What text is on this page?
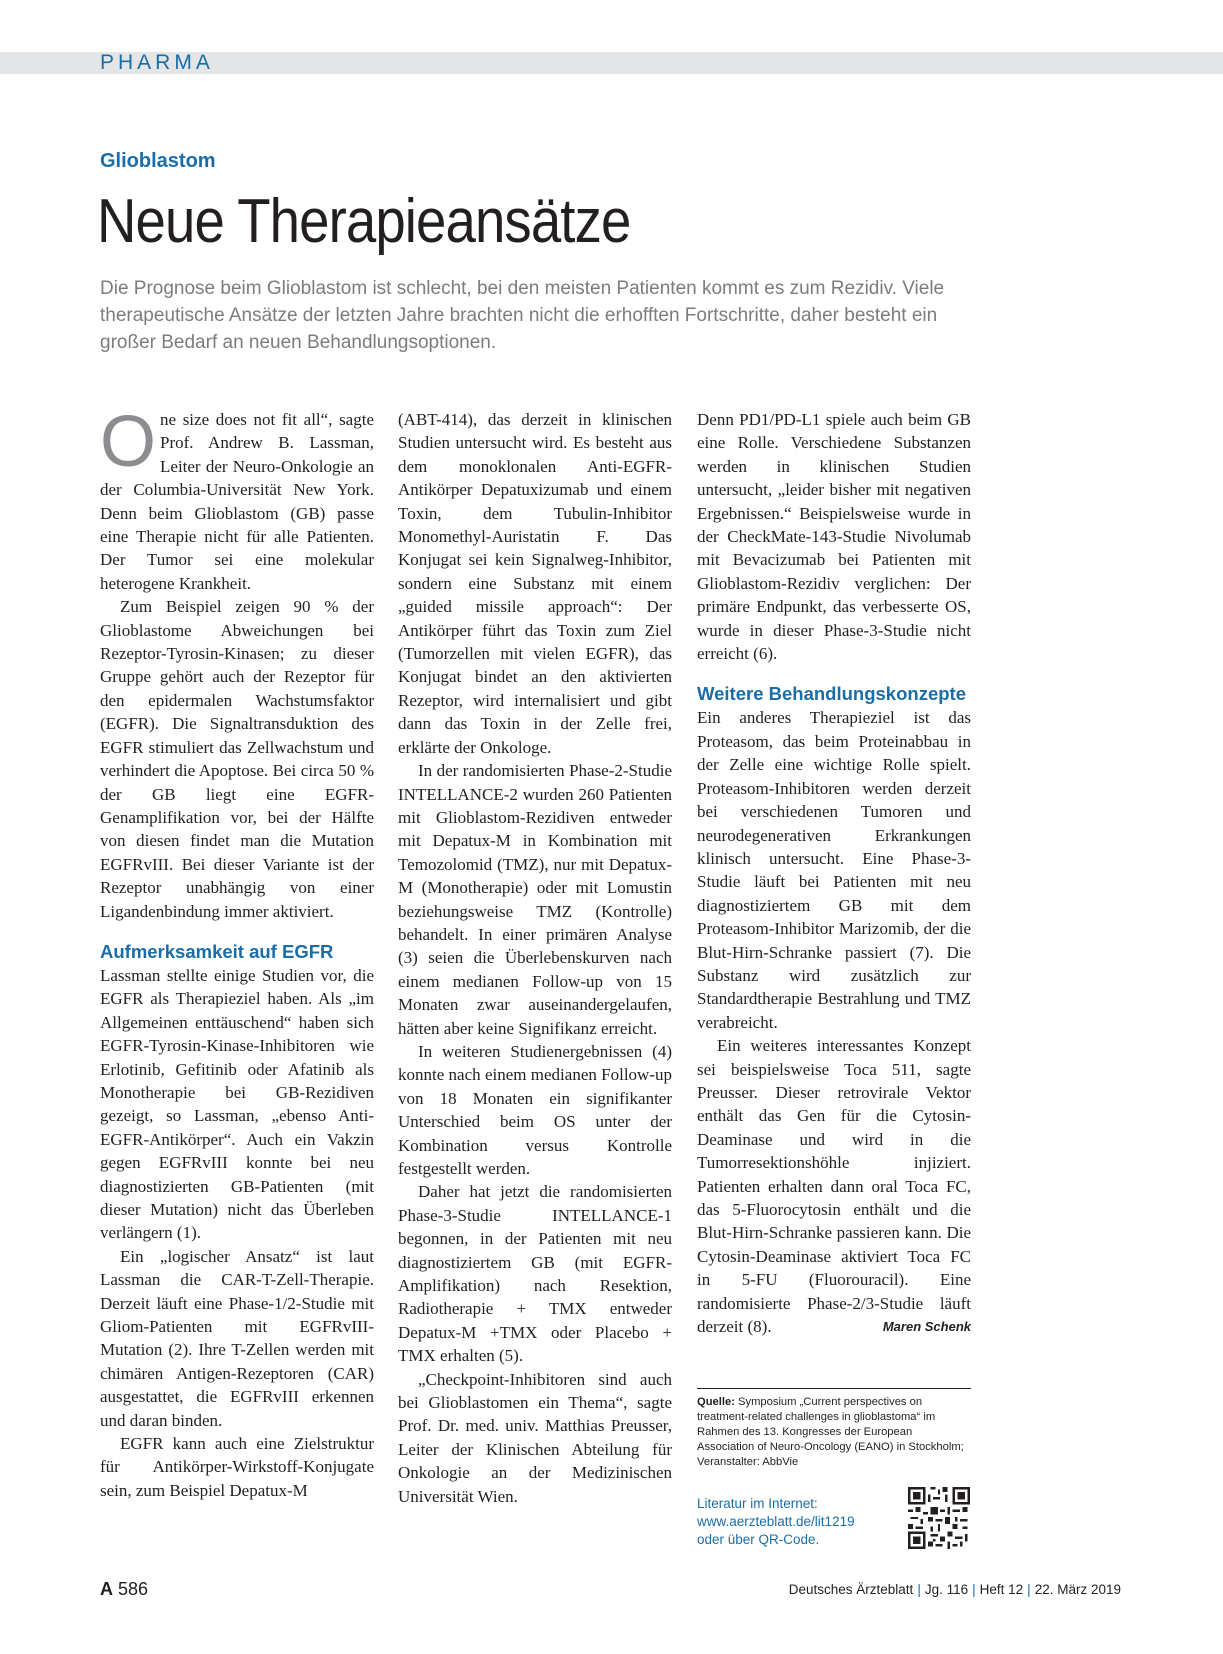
PHARMA
Glioblastom
Neue Therapieansätze

Die Prognose beim Glioblastom ist schlecht, bei den meisten Patienten kommt es zum Rezidiv. Viele therapeutische Ansätze der letzten Jahre brachten nicht die erhofften Fortschritte, daher besteht ein großer Bedarf an neuen Behandlungsoptionen.

One size does not fit all“, sagte Prof. Andrew B. Lassman, Leiter der Neuro-Onkologie an der Columbia-Universität New York. Denn beim Glioblastom (GB) passe eine Therapie nicht für alle Patienten. Der Tumor sei eine molekular heterogene Krankheit.

Zum Beispiel zeigen 90 % der Glioblastome Abweichungen bei Rezeptor-Tyrosin-Kinasen; zu dieser Gruppe gehört auch der Rezeptor für den epidermalen Wachstumsfaktor (EGFR). Die Signaltransduktion des EGFR stimuliert das Zellwachstum und verhindert die Apoptose. Bei circa 50 % der GB liegt eine EGFR-Genamplifikation vor, bei der Hälfte von diesen findet man die Mutation EGFRvIII. Bei dieser Variante ist der Rezeptor unabhängig von einer Ligandenbindung immer aktiviert.

Aufmerksamkeit auf EGFR

Lassman stellte einige Studien vor, die EGFR als Therapieziel haben. Als „im Allgemeinen enttäuschend“ haben sich EGFR-Tyrosin-Kinase-Inhibitoren wie Erlotinib, Gefitinib oder Afatinib als Monotherapie bei GB-Rezidiven gezeigt, so Lassman, „ebenso Anti-EGFR-Antikörper“. Auch ein Vakzin gegen EGFRvIII konnte bei neu diagnostizierten GB-Patienten (mit dieser Mutation) nicht das Überleben verlängern (1).

Ein „logischer Ansatz“ ist laut Lassman die CAR-T-Zell-Therapie. Derzeit läuft eine Phase-1/2-Studie mit Gliom-Patienten mit EGFRvIII-Mutation (2). Ihre T-Zellen werden mit chimären Antigen-Rezeptoren (CAR) ausgestattet, die EGFRvIII erkennen und daran binden.

EGFR kann auch eine Zielstruktur für Antikörper-Wirkstoff-Konjugate sein, zum Beispiel Depatux-M

(ABT-414), das derzeit in klinischen Studien untersucht wird. Es besteht aus dem monoklonalen Anti-EGFR-Antikörper Depatuxizumab und einem Toxin, dem Tubulin-Inhibitor Monomethyl-Auristatin F. Das Konjugat sei kein Signalweg-Inhibitor, sondern eine Substanz mit einem „guided missile approach“: Der Antikörper führt das Toxin zum Ziel (Tumorzellen mit vielen EGFR), das Konjugat bindet an den aktivierten Rezeptor, wird internalisiert und gibt dann das Toxin in der Zelle frei, erklärte der Onkologe.

In der randomisierten Phase-2-Studie INTELLANCE-2 wurden 260 Patienten mit Glioblastom-Rezidiven entweder mit Depatux-M in Kombination mit Temozolomid (TMZ), nur mit Depatux-M (Monotherapie) oder mit Lomustin beziehungsweise TMZ (Kontrolle) behandelt. In einer primären Analyse (3) seien die Überlebenskurven nach einem medianen Follow-up von 15 Monaten zwar auseinandergelaufen, hätten aber keine Signifikanz erreicht.

In weiteren Studienergebnissen (4) konnte nach einem medianen Follow-up von 18 Monaten ein signifikanter Unterschied beim OS unter der Kombination versus Kontrolle festgestellt werden.

Daher hat jetzt die randomisierten Phase-3-Studie INTELLANCE-1 begonnen, in der Patienten mit neu diagnostiziertem GB (mit EGFR-Amplifikation) nach Resektion, Radiotherapie + TMX entweder Depatux-M +TMX oder Placebo + TMX erhalten (5).

„Checkpoint-Inhibitoren sind auch bei Glioblastomen ein Thema“, sagte Prof. Dr. med. univ. Matthias Preusser, Leiter der Klinischen Abteilung für Onkologie an der Medizinischen Universität Wien.

Denn PD1/PD-L1 spiele auch beim GB eine Rolle. Verschiedene Substanzen werden in klinischen Studien untersucht, „leider bisher mit negativen Ergebnissen.“ Beispielsweise wurde in der CheckMate-143-Studie Nivolumab mit Bevacizumab bei Patienten mit Glioblastom-Rezidiv verglichen: Der primäre Endpunkt, das verbesserte OS, wurde in dieser Phase-3-Studie nicht erreicht (6).

Weitere Behandlungskonzepte

Ein anderes Therapieziel ist das Proteasom, das beim Proteinabbau in der Zelle eine wichtige Rolle spielt. Proteasom-Inhibitoren werden derzeit bei verschiedenen Tumoren und neurodegenerativen Erkrankungen klinisch untersucht. Eine Phase-3-Studie läuft bei Patienten mit neu diagnostiziertem GB mit dem Proteasom-Inhibitor Marizomib, der die Blut-Hirn-Schranke passiert (7). Die Substanz wird zusätzlich zur Standardtherapie Bestrahlung und TMZ verabreicht.

Ein weiteres interessantes Konzept sei beispielsweise Toca 511, sagte Preusser. Dieser retrovirale Vektor enthält das Gen für die Cytosin-Deaminase und wird in die Tumorresektionshöhle injiziert. Patienten erhalten dann oral Toca FC, das 5-Fluorocytosin enthält und die Blut-Hirn-Schranke passieren kann. Die Cytosin-Deaminase aktiviert Toca FC in 5-FU (Fluorouracil). Eine randomisierte Phase-2/3-Studie läuft derzeit (8).	Maren Schenk

Quelle: Symposium „Current perspectives on treatment-related challenges in glioblastoma“ im Rahmen des 13. Kongresses der European Association of Neuro-Oncology (EANO) in Stockholm; Veranstalter: AbbVie
Literatur im Internet:
www.aerzteblatt.de/lit1219
oder über QR-Code.
A 586	Deutsches Ärzteblatt | Jg. 116 | Heft 12 | 22. März 2019
